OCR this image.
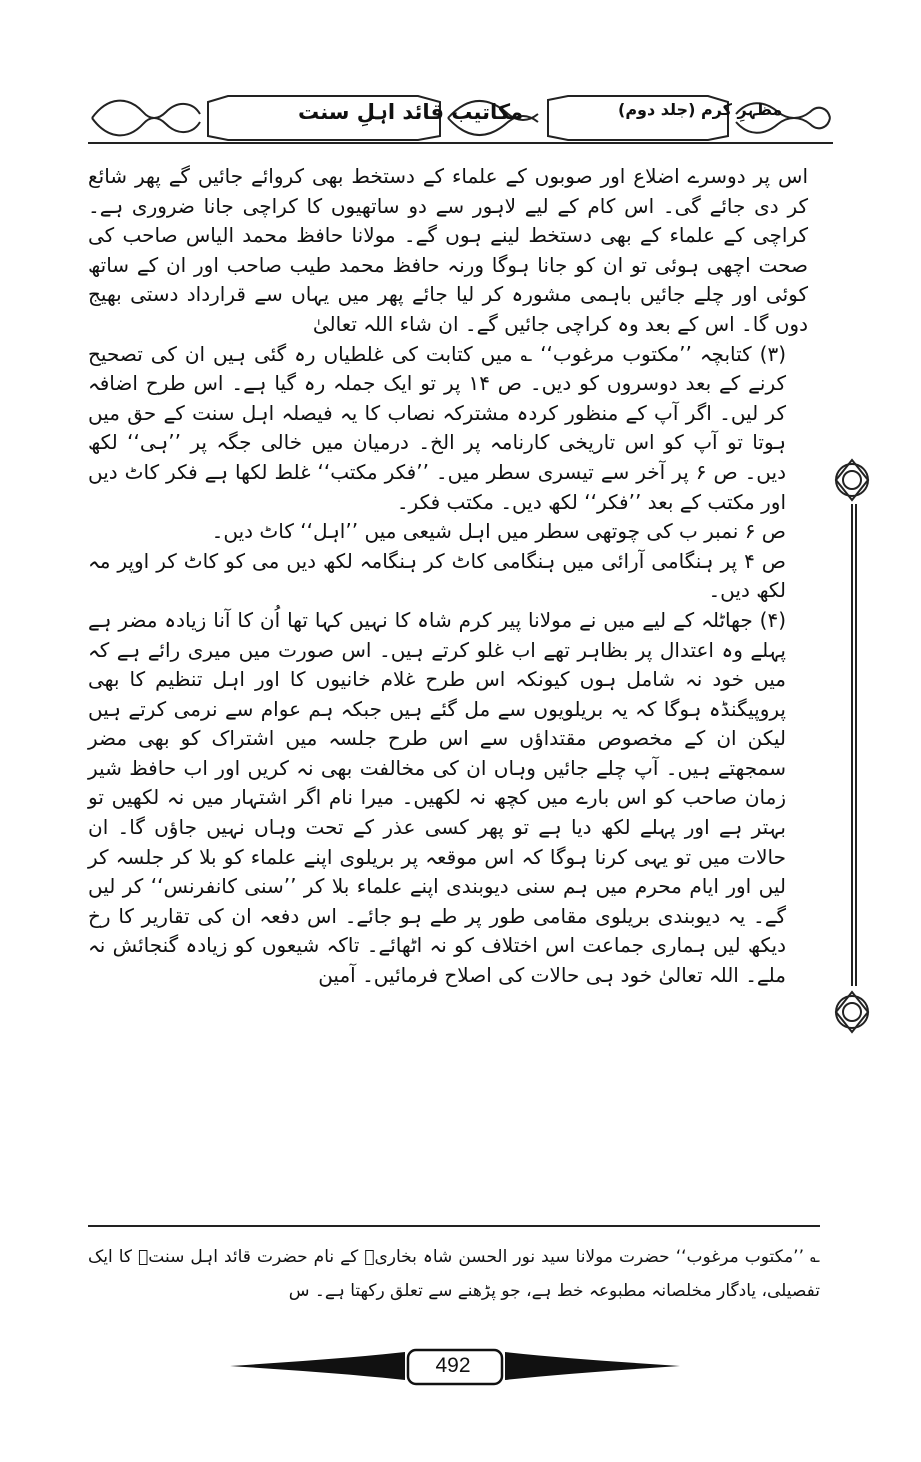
مکاتیب قائد اہلِ سنت	مظہرِ کرم (جلد دوم)

اس پر دوسرے اضلاع اور صوبوں کے علماء کے دستخط بھی کروائے جائیں گے پھر شائع کر دی جائے گی۔ اس کام کے لیے لاہور سے دو ساتھیوں کا کراچی جانا ضروری ہے۔ کراچی کے علماء کے بھی دستخط لینے ہوں گے۔ مولانا حافظ محمد الیاس صاحب کی صحت اچھی ہوئی تو ان کو جانا ہوگا ورنہ حافظ محمد طیب صاحب اور ان کے ساتھ کوئی اور چلے جائیں باہمی مشورہ کر لیا جائے پھر میں یہاں سے قرارداد دستی بھیج دوں گا۔ اس کے بعد وہ کراچی جائیں گے۔ ان شاء اللہ تعالیٰ

(۳) کتابچہ ’’مکتوب مرغوب‘‘ ؎ میں کتابت کی غلطیاں رہ گئی ہیں ان کی تصحیح کرنے کے بعد دوسروں کو دیں۔ ص ۱۴ پر تو ایک جملہ رہ گیا ہے۔ اس طرح اضافہ کر لیں۔ اگر آپ کے منظور کردہ مشترکہ نصاب کا یہ فیصلہ اہل سنت کے حق میں ہوتا تو آپ کو اس تاریخی کارنامہ پر الخ۔ درمیان میں خالی جگہ پر ’’ہی‘‘ لکھ دیں۔ ص ۶ پر آخر سے تیسری سطر میں۔ ’’فکر مکتب‘‘ غلط لکھا ہے فکر کاٹ دیں اور مکتب کے بعد ’’فکر‘‘ لکھ دیں۔ مکتب فکر۔

ص ۶ نمبر ب کی چوتھی سطر میں اہل شیعی میں ’’اہل‘‘ کاٹ دیں۔

ص ۴ پر ہنگامی آرائی میں ہنگامی کاٹ کر ہنگامہ لکھ دیں می کو کاٹ کر اوپر مہ لکھ دیں۔

(۴) جھاٹلہ کے لیے میں نے مولانا پیر کرم شاہ کا نہیں کہا تھا اُن کا آنا زیادہ مضر ہے پہلے وہ اعتدال پر بظاہر تھے اب غلو کرتے ہیں۔ اس صورت میں میری رائے ہے کہ میں خود نہ شامل ہوں کیونکہ اس طرح غلام خانیوں کا اور اہل تنظیم کا بھی پروپیگنڈہ ہوگا کہ یہ بریلویوں سے مل گئے ہیں جبکہ ہم عوام سے نرمی کرتے ہیں لیکن ان کے مخصوص مقتداؤں سے اس طرح جلسہ میں اشتراک کو بھی مضر سمجھتے ہیں۔ آپ چلے جائیں وہاں ان کی مخالفت بھی نہ کریں اور اب حافظ شیر زمان صاحب کو اس بارے میں کچھ نہ لکھیں۔ میرا نام اگر اشتہار میں نہ لکھیں تو بہتر ہے اور پہلے لکھ دیا ہے تو پھر کسی عذر کے تحت وہاں نہیں جاؤں گا۔ ان حالات میں تو یہی کرنا ہوگا کہ اس موقعہ پر بریلوی اپنے علماء کو بلا کر جلسہ کر لیں اور ایام محرم میں ہم سنی دیوبندی اپنے علماء بلا کر ’’سنی کانفرنس‘‘ کر لیں گے۔ یہ دیوبندی بریلوی مقامی طور پر طے ہو جائے۔ اس دفعہ ان کی تقاریر کا رخ دیکھ لیں ہماری جماعت اس اختلاف کو نہ اٹھائے۔ تاکہ شیعوں کو زیادہ گنجائش نہ ملے۔ اللہ تعالیٰ خود ہی حالات کی اصلاح فرمائیں۔ آمین

؎ ’’مکتوب مرغوب‘‘ حضرت مولانا سید نور الحسن شاہ بخاریؒ کے نام حضرت قائد اہل سنتؒ کا ایک تفصیلی، یادگار مخلصانہ مطبوعہ خط ہے، جو پڑھنے سے تعلق رکھتا ہے۔ س

492
